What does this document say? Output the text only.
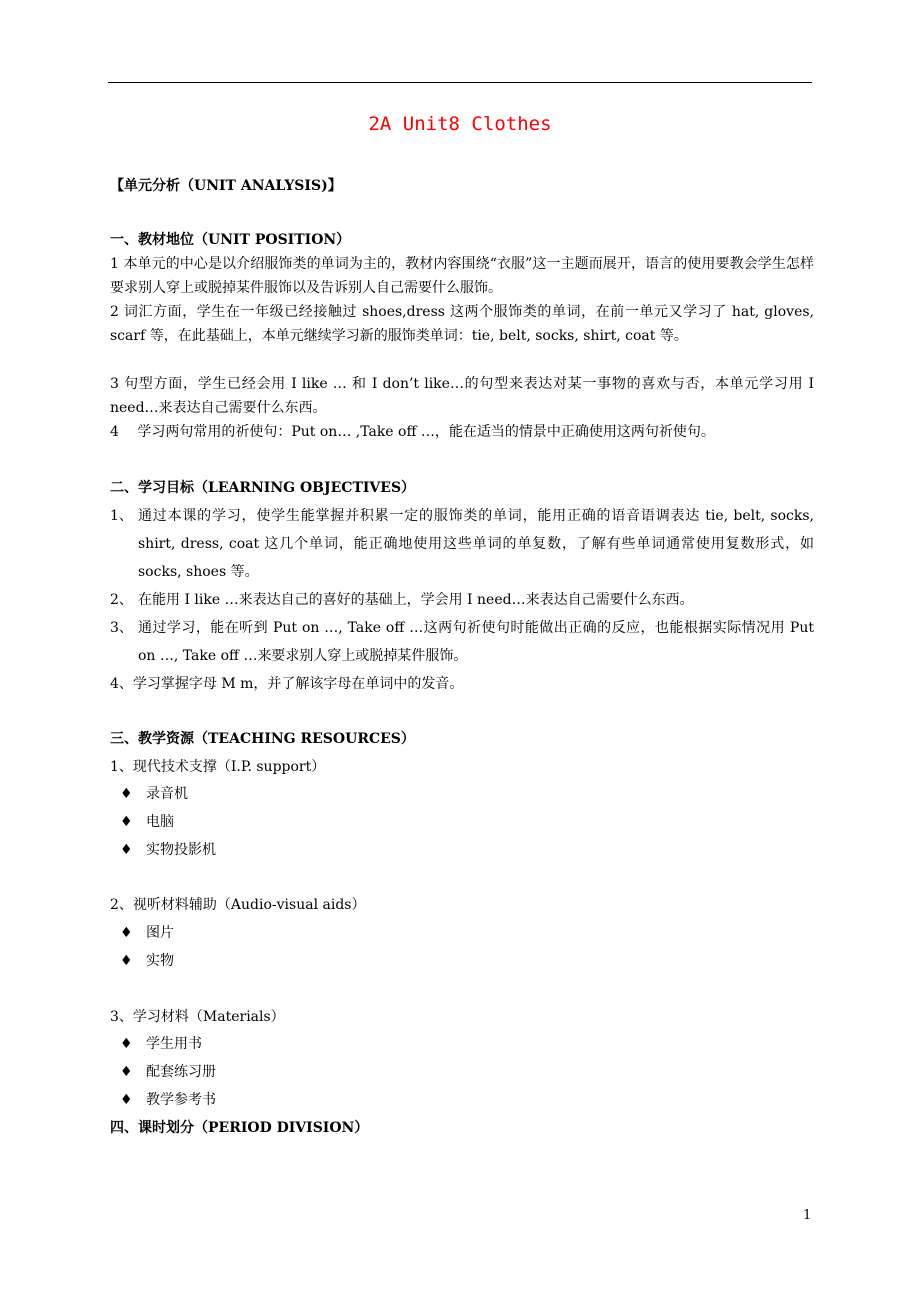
2A Unit8 Clothes
【单元分析（UNIT ANALYSIS)】
一、教材地位（UNIT POSITION）
1 本单元的中心是以介绍服饰类的单词为主的，教材内容围绕“衣服”这一主题而展开，语言的使用要教会学生怎样要求别人穿上或脱掉某件服饰以及告诉别人自己需要什么服饰。
2 词汇方面，学生在一年级已经接触过 shoes,dress 这两个服饰类的单词，在前一单元又学习了 hat, gloves, scarf 等，在此基础上，本单元继续学习新的服饰类单词：tie, belt, socks, shirt, coat 等。
3 句型方面，学生已经会用 I like … 和 I don’t like…的句型来表达对某一事物的喜欢与否，本单元学习用 I need…来表达自己需要什么东西。
4　 学习两句常用的祈使句：Put on… ,Take off …，能在适当的情景中正确使用这两句祈使句。
二、学习目标（LEARNING OBJECTIVES）
1、 通过本课的学习，使学生能掌握并积累一定的服饰类的单词，能用正确的语音语调表达 tie, belt, socks, shirt, dress, coat 这几个单词，能正确地使用这些单词的单复数，了解有些单词通常使用复数形式，如 socks, shoes 等。
2、 在能用 I like …来表达自己的喜好的基础上，学会用 I need…来表达自己需要什么东西。
3、 通过学习，能在听到 Put on …, Take off …这两句祈使句时能做出正确的反应，也能根据实际情况用 Put on …, Take off …来要求别人穿上或脱掉某件服饰。
4、学习掌握字母 M m，并了解该字母在单词中的发音。
三、教学资源（TEACHING RESOURCES）
1、现代技术支撑（I.P. support）
♦ 录音机
♦ 电脑
♦ 实物投影机
2、视听材料辅助（Audio-visual aids）
♦ 图片
♦ 实物
3、学习材料（Materials）
♦ 学生用书
♦ 配套练习册
♦ 教学参考书
四、课时划分（PERIOD DIVISION）
1
